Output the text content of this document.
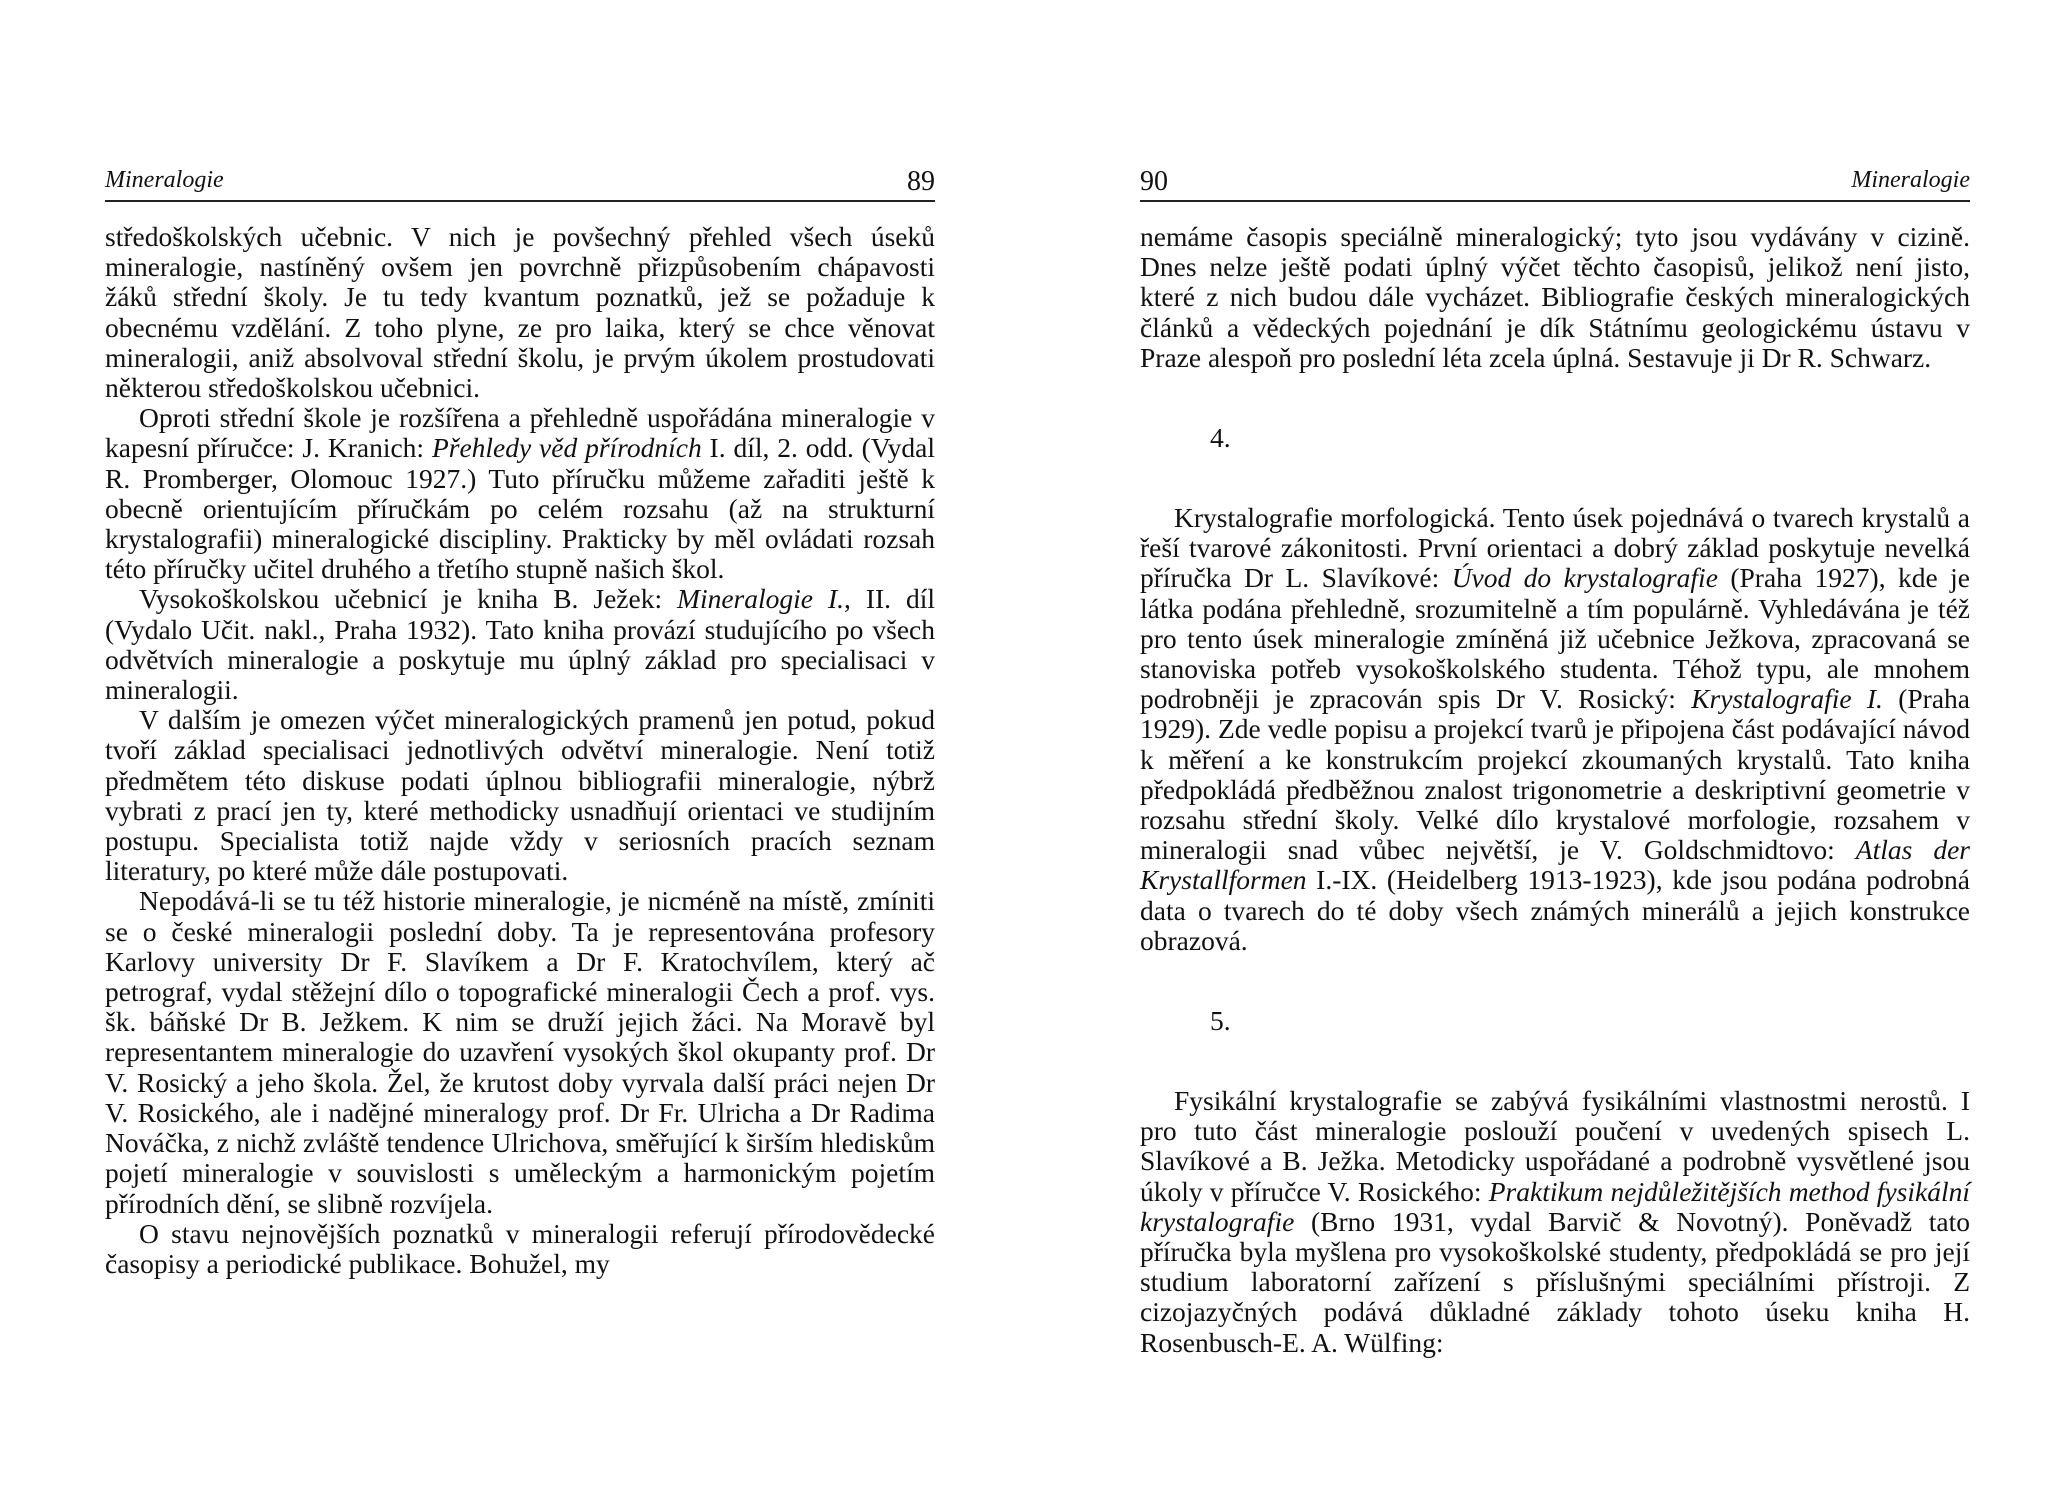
Mineralogie	89

středoškolských učebnic. V nich je povšechný přehled všech úseků mineralogie, nastíněný ovšem jen povrchně přizpůsobením chápavosti žáků střední školy. Je tu tedy kvantum poznatků, jež se požaduje k obecnému vzdělání. Z toho plyne, ze pro laika, který se chce věnovat mineralogii, aniž absolvoval střední školu, je prvým úkolem prostudovati některou středoškolskou učebnici.

Oproti střední škole je rozšířena a přehledně uspořádána mineralogie v kapesní příručce: J. Kranich: Přehledy věd přírodních I. díl, 2. odd. (Vydal R. Promberger, Olomouc 1927.) Tuto příručku můžeme zařaditi ještě k obecně orientujícím příručkám po celém rozsahu (až na strukturní krystalografii) mineralogické discipliny. Prakticky by měl ovládati rozsah této příručky učitel druhého a třetího stupně našich škol.

Vysokoškolskou učebnicí je kniha B. Ježek: Mineralogie I., II. díl (Vydalo Učit. nakl., Praha 1932). Tato kniha provází studujícího po všech odvětvích mineralogie a poskytuje mu úplný základ pro specialisaci v mineralogii.

V dalším je omezen výčet mineralogických pramenů jen potud, pokud tvoří základ specialisaci jednotlivých odvětví mineralogie. Není totiž předmětem této diskuse podati úplnou bibliografii mineralogie, nýbrž vybrati z prací jen ty, které methodicky usnadňují orientaci ve studijním postupu. Specialista totiž najde vždy v seriosních pracích seznam literatury, po které může dále postupovati.

Nepodává-li se tu též historie mineralogie, je nicméně na místě, zmíniti se o české mineralogii poslední doby. Ta je representována profesory Karlovy university Dr F. Slavíkem a Dr F. Kratochvílem, který ač petrograf, vydal stěžejní dílo o topografické mineralogii Čech a prof. vys. šk. báňské Dr B. Ježkem. K nim se druží jejich žáci. Na Moravě byl representantem mineralogie do uzavření vysokých škol okupanty prof. Dr V. Rosický a jeho škola. Žel, že krutost doby vyrvala další práci nejen Dr V. Rosického, ale i nadějné mineralogy prof. Dr Fr. Ulricha a Dr Radima Nováčka, z nichž zvláště tendence Ulrichova, směřující k širším hlediskům pojetí mineralogie v souvislosti s uměleckým a harmonickým pojetím přírodních dění, se slibně rozvíjela.

O stavu nejnovějších poznatků v mineralogii referují přírodovědecké časopisy a periodické publikace. Bohužel, my

90	Mineralogie

nemáme časopis speciálně mineralogický; tyto jsou vydávány v cizině. Dnes nelze ještě podati úplný výčet těchto časopisů, jelikož není jisto, které z nich budou dále vycházet. Bibliografie českých mineralogických článků a vědeckých pojednání je dík Státnímu geologickému ústavu v Praze alespoň pro poslední léta zcela úplná. Sestavuje ji Dr R. Schwarz.

4.

Krystalografie morfologická. Tento úsek pojednává o tvarech krystalů a řeší tvarové zákonitosti. První orientaci a dobrý základ poskytuje nevelká příručka Dr L. Slavíkové: Úvod do krystalografie (Praha 1927), kde je látka podána přehledně, srozumitelně a tím populárně. Vyhledávána je též pro tento úsek mineralogie zmíněná již učebnice Ježkova, zpracovaná se stanoviska potřeb vysokoškolského studenta. Téhož typu, ale mnohem podrobněji je zpracován spis Dr V. Rosický: Krystalografie I. (Praha 1929). Zde vedle popisu a projekcí tvarů je připojena část podávající návod k měření a ke konstrukcím projekcí zkoumaných krystalů. Tato kniha předpokládá předběžnou znalost trigonometrie a deskriptivní geometrie v rozsahu střední školy. Velké dílo krystalové morfologie, rozsahem v mineralogii snad vůbec největší, je V. Goldschmidtovo: Atlas der Krystallformen I.-IX. (Heidelberg 1913-1923), kde jsou podána podrobná data o tvarech do té doby všech známých minerálů a jejich konstrukce obrazová.

5.

Fysikální krystalografie se zabývá fysikálními vlastnostmi nerostů. I pro tuto část mineralogie poslouží poučení v uvedených spisech L. Slavíkové a B. Ježka. Metodicky uspořádané a podrobně vysvětlené jsou úkoly v příručce V. Rosického: Praktikum nejdůležitějších method fysikální krystalografie (Brno 1931, vydal Barvič & Novotný). Poněvadž tato příručka byla myšlena pro vysokoškolské studenty, předpokládá se pro její studium laboratorní zařízení s příslušnými speciálními přístroji. Z cizojazyčných podává důkladné základy tohoto úseku kniha H. Rosenbusch-E. A. Wülfing:
